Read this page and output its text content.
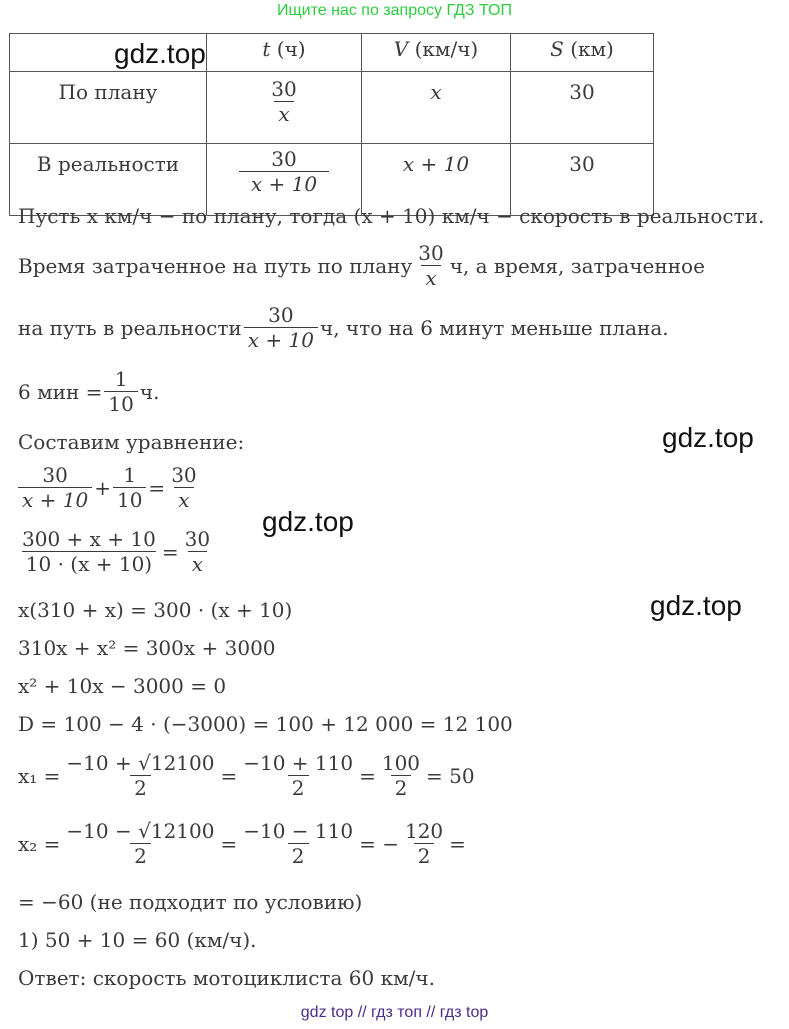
Ищите нас по запросу ГДЗ ТОП
	t (ч)	V (км/ч)	S (км)
По плану	$\frac{30}{x}$	x	30
В реальности	$\frac{30}{x + 10}$	x + 10	30
gdz.top
Пусть x км/ч − по плану, тогда (x + 10) км/ч − скорость в реальности.
Время затраченное на путь по плану $\frac{30}{x} ч$, а время, затраченное
на путь в реальности $\frac{30}{x + 10} ч$, что на 6 минут меньше плана.
6 мин = $\frac{1}{10} ч$.
Составим уравнение:	gdz.top
$\frac{30}{x + 10} + \frac{1}{10} = \frac{30}{x}$
gdz.top
$\frac{300 + x + 10}{10 \cdot (x + 10)} = \frac{30}{x}$
x(310 + x) = 300 · (x + 10)	gdz.top
310x + x² = 300x + 3000
x² + 10x − 3000 = 0
D = 100 − 4 · (−3000) = 100 + 12 000 = 12 100
$x_1 = \frac{-10 + √12100}{2} = \frac{-10 + 110}{2} = \frac{100}{2} = 50$
$x_2 = \frac{-10 - √12100}{2} = \frac{-10 - 110}{2}$ = − $\frac{120}{2}$ =
= −60 (не подходит по условию)
1) 50 + 10 = 60 (км/ч).
Ответ: скорость мотоциклиста 60 км/ч.
gdz top // гдз топ // гдз top
